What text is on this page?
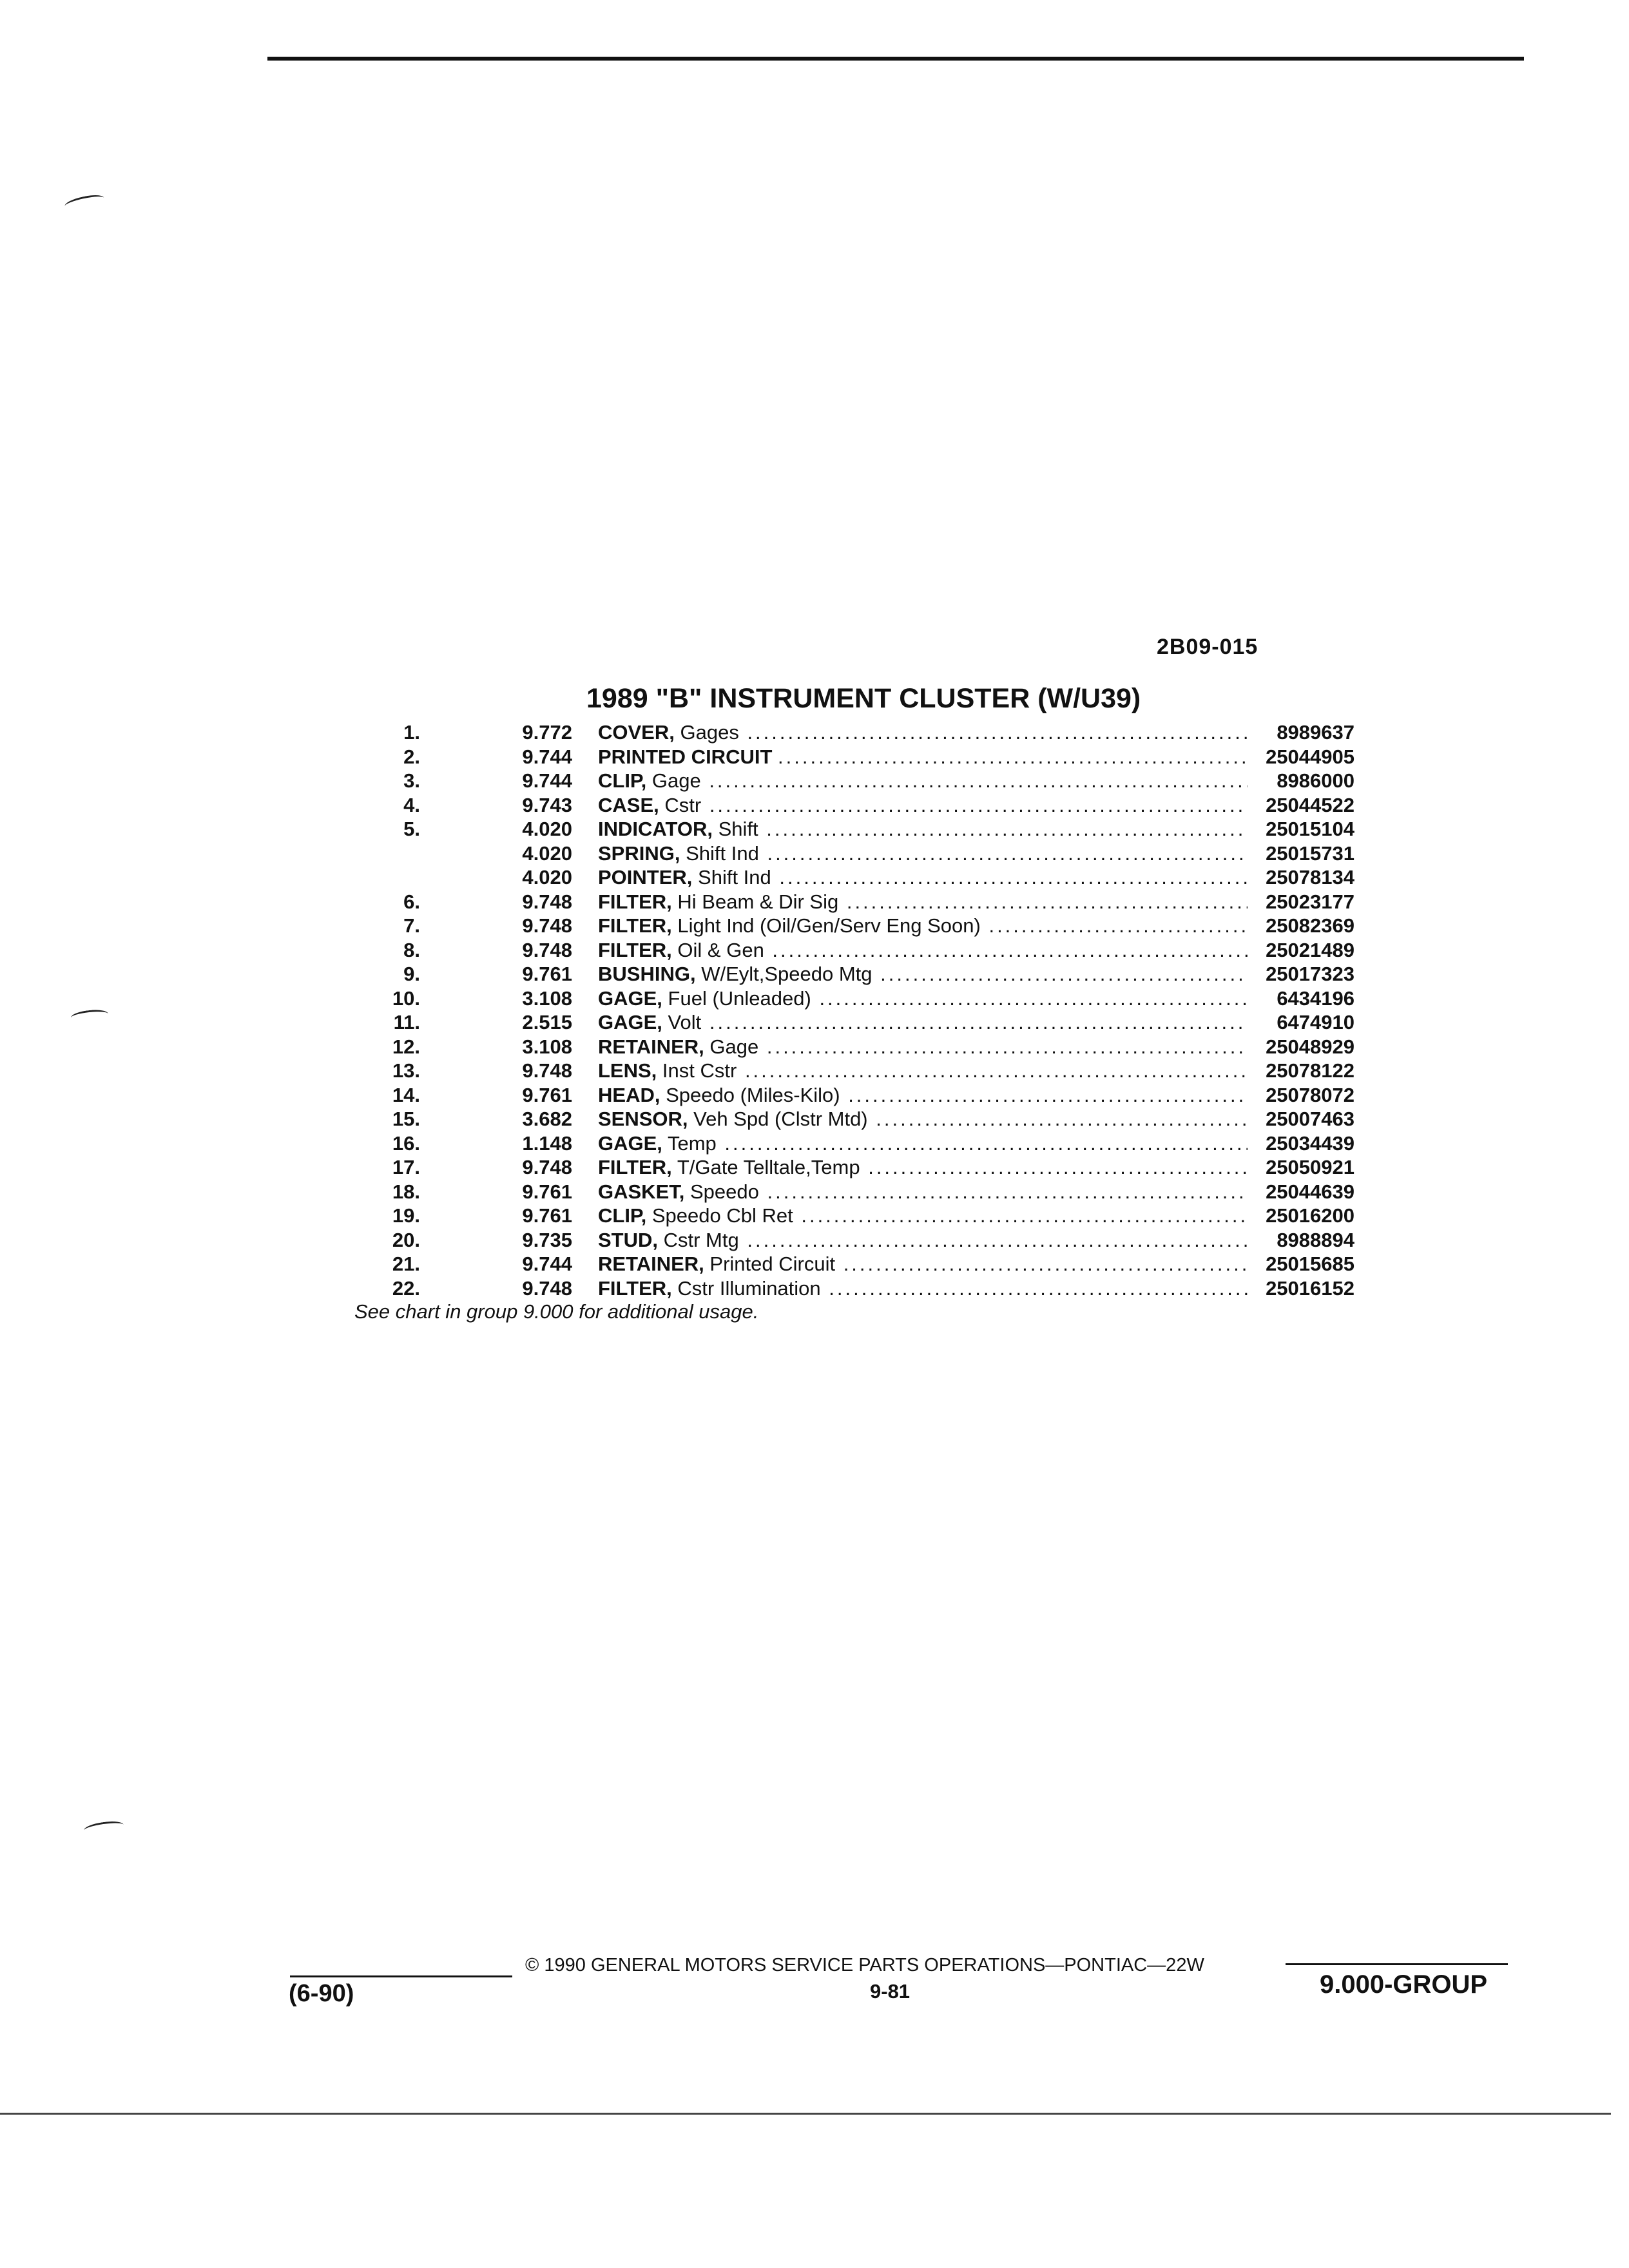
2B09-015
1989 "B" INSTRUMENT CLUSTER (W/U39)
1.	9.772 COVER, Gages .....	8989637
2.	9.744 PRINTED CIRCUIT .....	25044905
3.	9.744 CLIP, Gage .....	8986000
4.	9.743 CASE, Cstr .....	25044522
5.	4.020 INDICATOR, Shift .....	25015104
4.020 SPRING, Shift Ind .....	25015731
4.020 POINTER, Shift Ind .....	25078134
6.	9.748 FILTER, Hi Beam & Dir Sig .....	25023177
7.	9.748 FILTER, Light Ind (Oil/Gen/Serv Eng Soon) .....	25082369
8.	9.748 FILTER, Oil & Gen .....	25021489
9.	9.761 BUSHING, W/Eylt,Speedo Mtg .....	25017323
10.	3.108 GAGE, Fuel (Unleaded) .....	6434196
11.	2.515 GAGE, Volt .....	6474910
12.	3.108 RETAINER, Gage .....	25048929
13.	9.748 LENS, Inst Cstr .....	25078122
14.	9.761 HEAD, Speedo (Miles-Kilo) .....	25078072
15.	3.682 SENSOR, Veh Spd (Clstr Mtd) .....	25007463
16.	1.148 GAGE, Temp .....	25034439
17.	9.748 FILTER, T/Gate Telltale,Temp .....	25050921
18.	9.761 GASKET, Speedo .....	25044639
19.	9.761 CLIP, Speedo Cbl Ret .....	25016200
20.	9.735 STUD, Cstr Mtg .....	8988894
21.	9.744 RETAINER, Printed Circuit .....	25015685
22.	9.748 FILTER, Cstr Illumination .....	25016152
See chart in group 9.000 for additional usage.
© 1990 GENERAL MOTORS SERVICE PARTS OPERATIONS—PONTIAC—22W
9-81
(6-90)	9.000-GROUP
